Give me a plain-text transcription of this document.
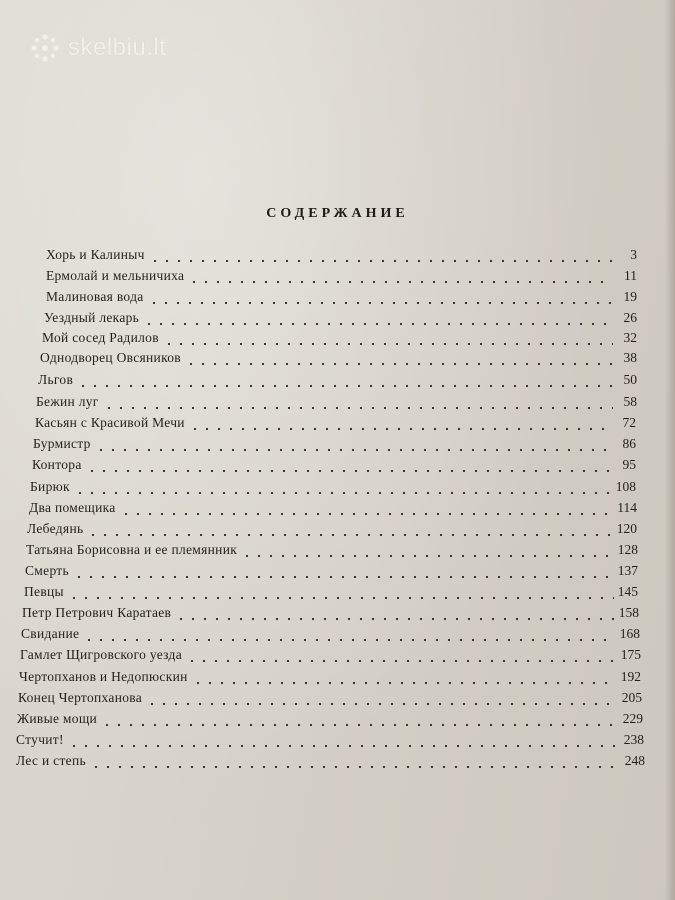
skelbiu.lt
СОДЕРЖАНИЕ
Хорь и Калиныч	3
Ермолай и мельничиха	11
Малиновая вода	19
Уездный лекарь	26
Мой сосед Радилов	32
Однодворец Овсяников	38
Льгов	50
Бежин луг	58
Касьян с Красивой Мечи	72
Бурмистр	86
Контора	95
Бирюк	108
Два помещика	114
Лебедянь	120
Татьяна Борисовна и ее племянник	128
Смерть	137
Певцы	145
Петр Петрович Каратаев	158
Свидание	168
Гамлет Щигровского уезда	175
Чертопханов и Недопюскин	192
Конец Чертопханова	205
Живые мощи	229
Стучит!	238
Лес и степь	248
